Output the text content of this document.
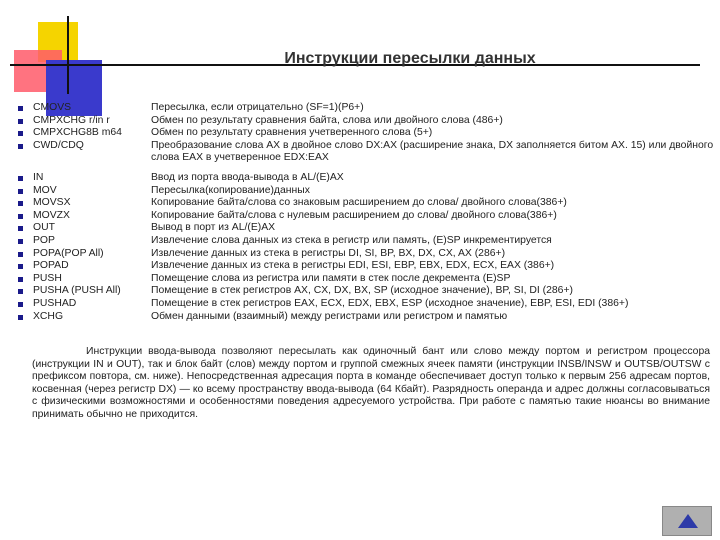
Инструкции пересылки данных
CMOVS	Пересылка, если отрицательно (SF=1)(P6+)
CMPXCHG r/in r	Обмен по результату сравнения байта, слова или двойного слова (486+)
CMPXCHG8B m64	Обмен по результату сравнения учетверенного слова (5+)
CWD/CDQ	Преобразование слова AX в двойное слово DX:AX (расширение знака, DX заполняется битом AX. 15) или двойного слова EAX в учетверенное EDX:EAX
IN	Ввод из порта ввода-вывода в AL/(E)AX
MOV	Пересылка(копирование)данных
MOVSX	Копирование байта/слова со знаковым расширением до слова/ двойного слова(386+)
MOVZX	Копирование байта/слова с нулевым расширением до слова/ двойного слова(386+)
OUT	Вывод в порт из AL/(E)AX
POP	Извлечение слова данных из стека в регистр или память, (E)SP инкрементируется
POPA(POP All)	Извлечение данных из стека в регистры DI, SI, BP, BX, DX, CX, AX (286+)
POPAD	Извлечение данных из стека в регистры EDI, ESI, EBP, EBX, EDX, ECX, EAX (386+)
PUSH	Помещение слова из регистра или памяти в стек после декремента (E)SP
PUSHA (PUSH All)	Помещение в стек регистров AX, CX, DX, BX, SP (исходное значение), BP, SI, DI (286+)
PUSHAD	Помещение в стек регистров EAX, ECX, EDX, EBX, ESP (исходное значение), EBP, ESI, EDI (386+)
XCHG	Обмен данными (взаимный) между регистрами или регистром и памятью
Инструкции ввода-вывода позволяют пересылать как одиночный бант или слово между портом и регистром процессора (инструкции IN и OUT), так и блок байт (слов) между портом и группой смежных ячеек памяти (инструкции INSB/INSW и OUTSB/OUTSW с префиксом повтора, см. ниже). Непосредственная адресация порта в команде обеспечивает доступ только к первым 256 адресам портов, косвенная (через регистр DX) — ко всему пространству ввода-вывода (64 Кбайт). Разрядность операнда и адрес должны согласовываться с физическими возможностями и особенностями поведения адресуемого устройства. При работе с памятью такие нюансы во внимание принимать обычно не приходится.
